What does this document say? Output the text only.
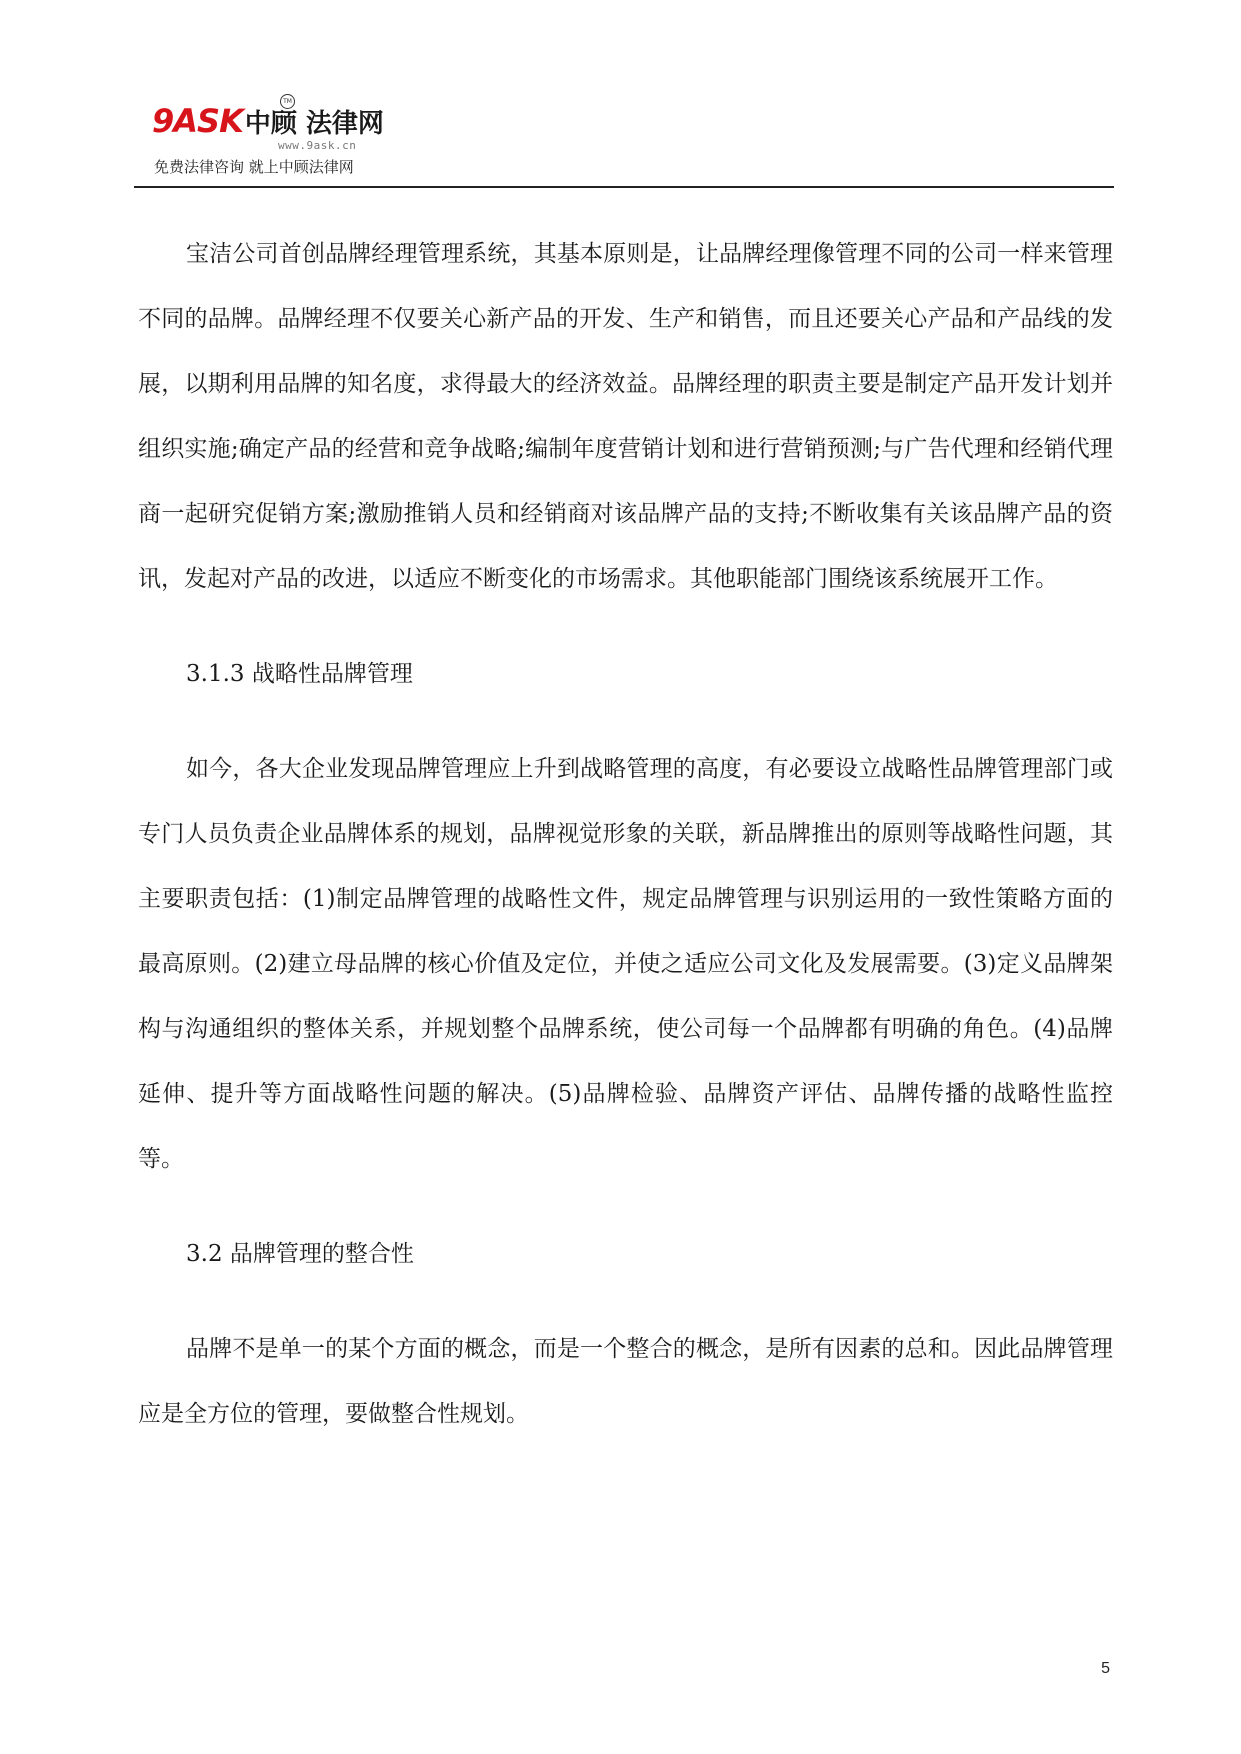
9ASK中顾 法律网
TM
www.9ask.cn
免费法律咨询 就上中顾法律网

宝洁公司首创品牌经理管理系统，其基本原则是，让品牌经理像管理不同的公司一样来管理不同的品牌。品牌经理不仅要关心新产品的开发、生产和销售，而且还要关心产品和产品线的发展，以期利用品牌的知名度，求得最大的经济效益。品牌经理的职责主要是制定产品开发计划并组织实施;确定产品的经营和竞争战略;编制年度营销计划和进行营销预测;与广告代理和经销代理商一起研究促销方案;激励推销人员和经销商对该品牌产品的支持;不断收集有关该品牌产品的资讯，发起对产品的改进，以适应不断变化的市场需求。其他职能部门围绕该系统展开工作。

3.1.3 战略性品牌管理

如今，各大企业发现品牌管理应上升到战略管理的高度，有必要设立战略性品牌管理部门或专门人员负责企业品牌体系的规划，品牌视觉形象的关联，新品牌推出的原则等战略性问题，其主要职责包括：(1)制定品牌管理的战略性文件，规定品牌管理与识别运用的一致性策略方面的最高原则。(2)建立母品牌的核心价值及定位，并使之适应公司文化及发展需要。(3)定义品牌架构与沟通组织的整体关系，并规划整个品牌系统，使公司每一个品牌都有明确的角色。(4)品牌延伸、提升等方面战略性问题的解决。(5)品牌检验、品牌资产评估、品牌传播的战略性监控等。

3.2 品牌管理的整合性

品牌不是单一的某个方面的概念，而是一个整合的概念，是所有因素的总和。因此品牌管理应是全方位的管理，要做整合性规划。

5
